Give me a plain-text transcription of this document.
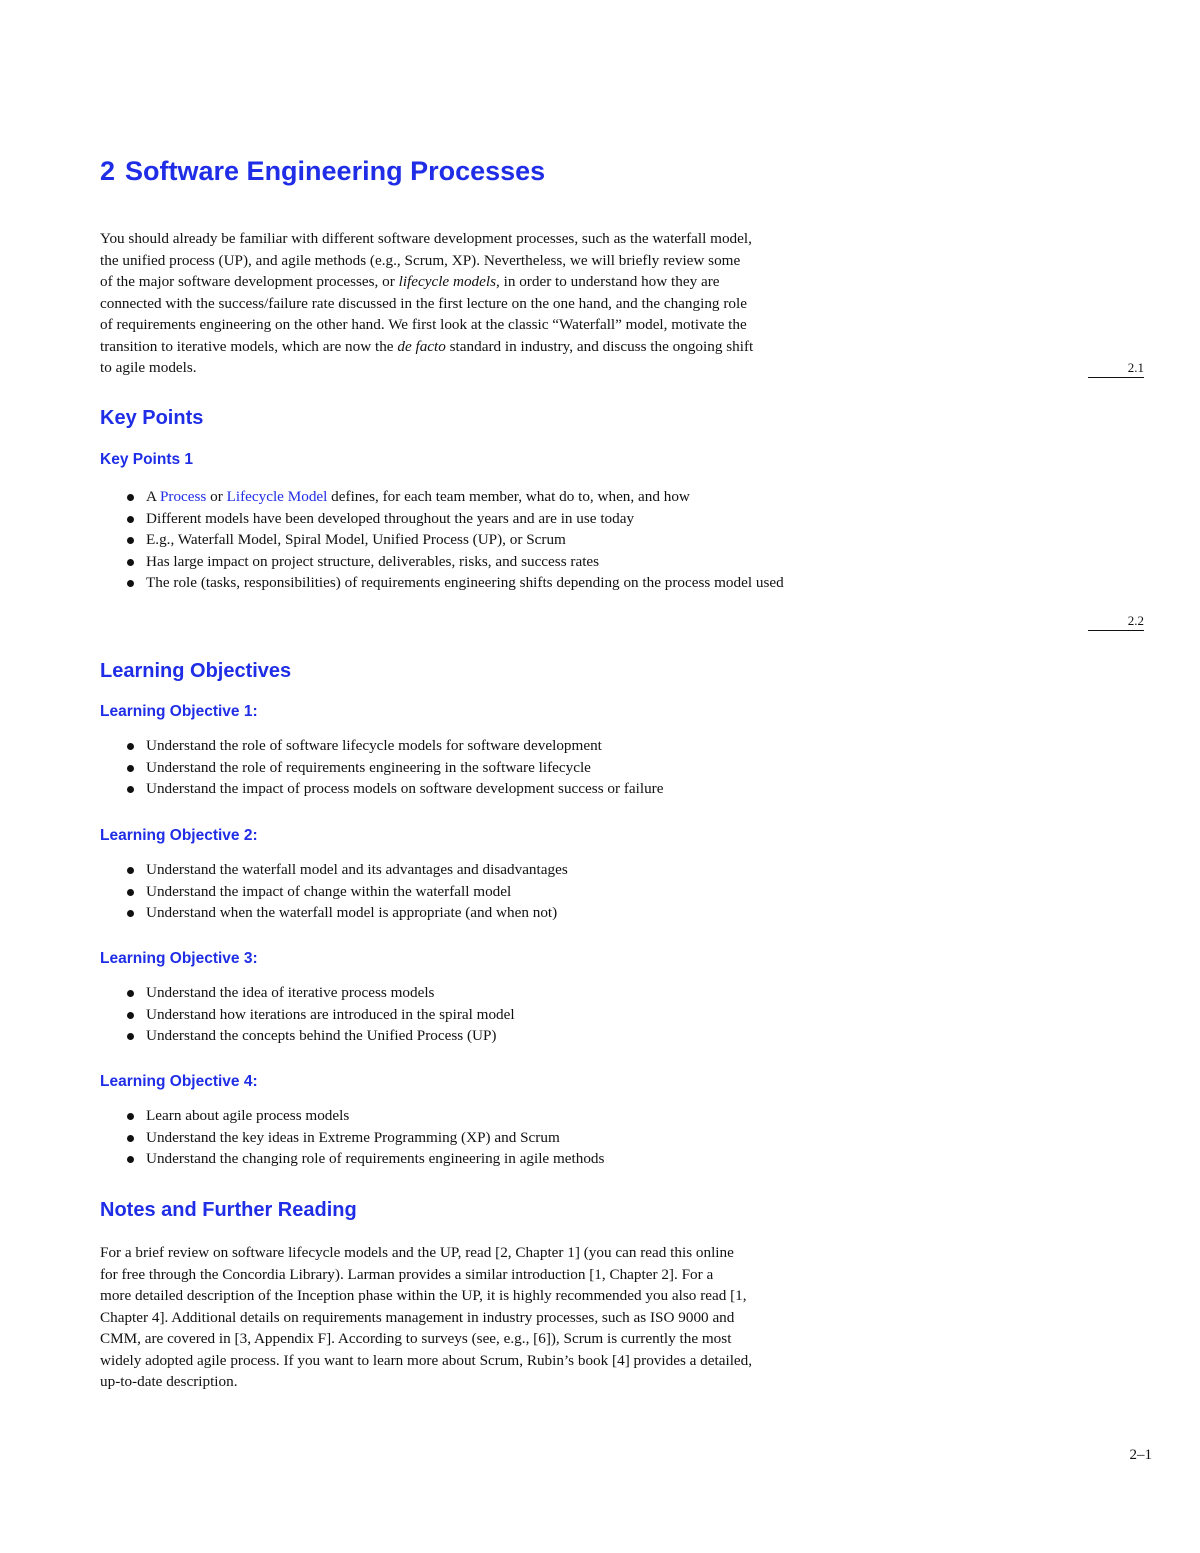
2 Software Engineering Processes
You should already be familiar with different software development processes, such as the waterfall model,
the unified process (UP), and agile methods (e.g., Scrum, XP). Nevertheless, we will briefly review some
of the major software development processes, or lifecycle models, in order to understand how they are
connected with the success/failure rate discussed in the first lecture on the one hand, and the changing role
of requirements engineering on the other hand. We first look at the classic “Waterfall” model, motivate the
transition to iterative models, which are now the de facto standard in industry, and discuss the ongoing shift
to agile models.	2.1
Key Points
Key Points 1
A Process or Lifecycle Model defines, for each team member, what do to, when, and how
Different models have been developed throughout the years and are in use today
E.g., Waterfall Model, Spiral Model, Unified Process (UP), or Scrum
Has large impact on project structure, deliverables, risks, and success rates
The role (tasks, responsibilities) of requirements engineering shifts depending on the process model used
2.2
Learning Objectives
Learning Objective 1:
Understand the role of software lifecycle models for software development
Understand the role of requirements engineering in the software lifecycle
Understand the impact of process models on software development success or failure
Learning Objective 2:
Understand the waterfall model and its advantages and disadvantages
Understand the impact of change within the waterfall model
Understand when the waterfall model is appropriate (and when not)
Learning Objective 3:
Understand the idea of iterative process models
Understand how iterations are introduced in the spiral model
Understand the concepts behind the Unified Process (UP)
Learning Objective 4:
Learn about agile process models
Understand the key ideas in Extreme Programming (XP) and Scrum
Understand the changing role of requirements engineering in agile methods
Notes and Further Reading
For a brief review on software lifecycle models and the UP, read [2, Chapter 1] (you can read this online
for free through the Concordia Library). Larman provides a similar introduction [1, Chapter 2]. For a
more detailed description of the Inception phase within the UP, it is highly recommended you also read [1,
Chapter 4]. Additional details on requirements management in industry processes, such as ISO 9000 and
CMM, are covered in [3, Appendix F]. According to surveys (see, e.g., [6]), Scrum is currently the most
widely adopted agile process. If you want to learn more about Scrum, Rubin’s book [4] provides a detailed,
up-to-date description.
2–1
